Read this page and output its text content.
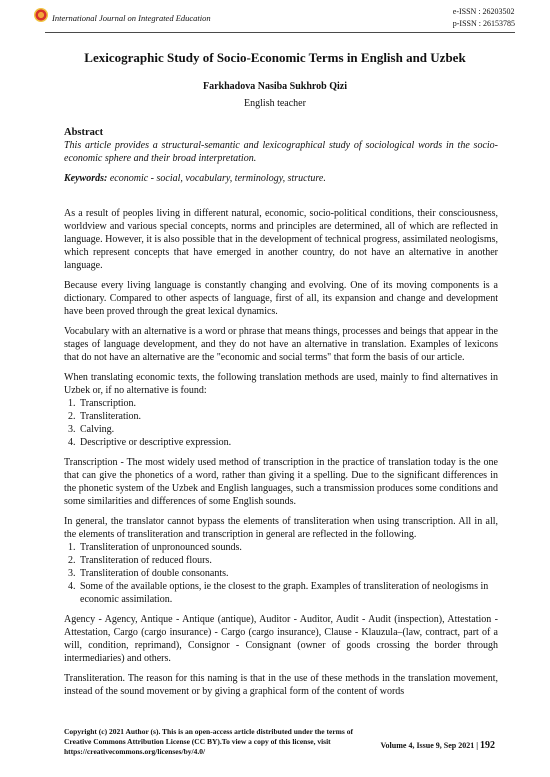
International Journal on Integrated Education
e-ISSN : 26203502
p-ISSN : 26153785
Lexicographic Study of Socio-Economic Terms in English and Uzbek
Farkhadova Nasiba Sukhrob Qizi
English teacher

Abstract

This article provides a structural-semantic and lexicographical study of sociological words in the socio-economic sphere and their broad interpretation.

Keywords: economic - social, vocabulary, terminology, structure.

As a result of peoples living in different natural, economic, socio-political conditions, their consciousness, worldview and various special concepts, norms and principles are determined, all of which are reflected in language. However, it is also possible that in the development of technical progress, assimilated neologisms, which represent concepts that have emerged in another country, do not have an alternative in another language.

Because every living language is constantly changing and evolving. One of its moving components is a dictionary. Compared to other aspects of language, first of all, its expansion and change and development have been proved through the great lexical dynamics.

Vocabulary with an alternative is a word or phrase that means things, processes and beings that appear in the stages of language development, and they do not have an alternative in translation. Examples of lexicons that do not have an alternative are the "economic and social terms" that form the basis of our article.

When translating economic texts, the following translation methods are used, mainly to find alternatives in Uzbek or, if no alternative is found:

1. Transcription.
2. Transliteration.
3. Calving.
4. Descriptive or descriptive expression.

Transcription - The most widely used method of transcription in the practice of translation today is the one that can give the phonetics of a word, rather than giving it a spelling. Due to the significant differences in the phonetic system of the Uzbek and English languages, such a transmission produces some conditions and some similarities and differences of some English sounds.

In general, the translator cannot bypass the elements of transliteration when using transcription. All in all, the elements of transliteration and transcription in general are reflected in the following.

1. Transliteration of unpronounced sounds.
2. Transliteration of reduced flours.
3. Transliteration of double consonants.
4. Some of the available options, ie the closest to the graph. Examples of transliteration of neologisms in economic assimilation.

Agency - Agency, Antique - Antique (antique), Auditor - Auditor, Audit - Audit (inspection), Attestation - Attestation, Cargo (cargo insurance) - Cargo (cargo insurance), Clause - Klauzula–(law, contract, part of a will, condition, reprimand), Consignor - Consignant (owner of goods crossing the border through intermediaries) and others.

Transliteration. The reason for this naming is that in the use of these methods in the translation movement, instead of the sound movement or by giving a graphical form of the content of words

Copyright (c) 2021 Author (s). This is an open-access article distributed under the terms of Creative Commons Attribution License (CC BY).To view a copy of this license, visit https://creativecommons.org/licenses/by/4.0/
Volume 4, Issue 9, Sep 2021 | 192
